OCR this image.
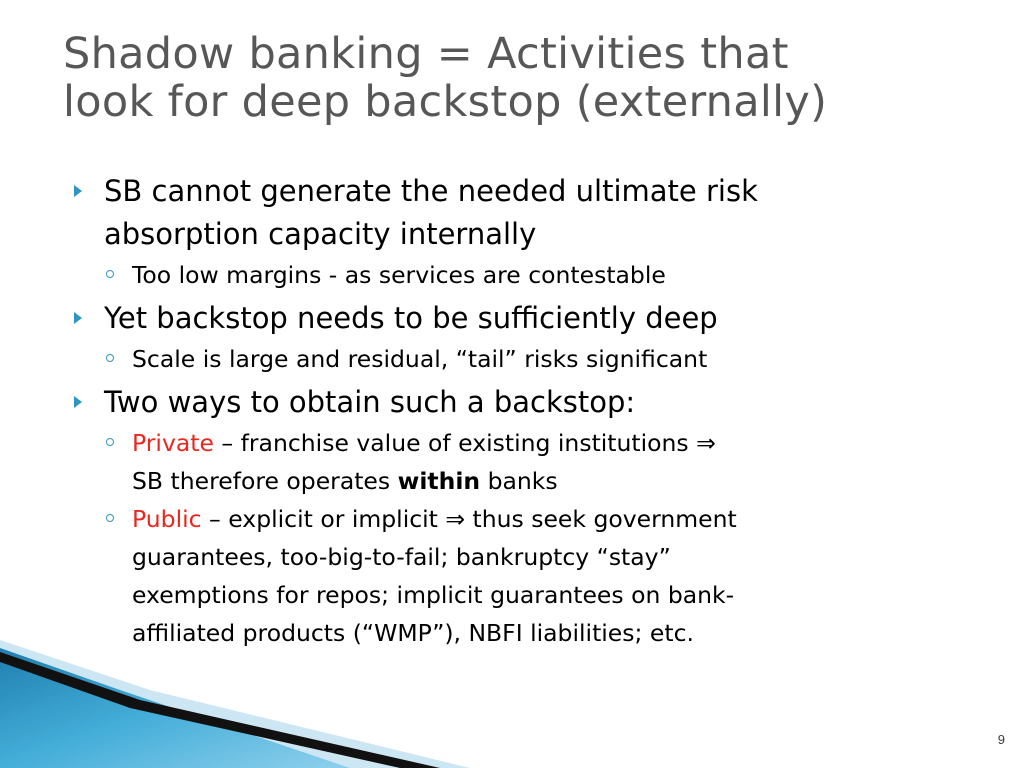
Shadow banking = Activities that
look for deep backstop (externally)
SB cannot generate the needed ultimate risk
absorption capacity internally
Too low margins - as services are contestable
Yet backstop needs to be sufficiently deep
Scale is large and residual, “tail” risks significant
Two ways to obtain such a backstop:
Private – franchise value of existing institutions ⇒
SB therefore operates within banks
Public – explicit or implicit ⇒ thus seek government
guarantees, too-big-to-fail; bankruptcy “stay”
exemptions for repos; implicit guarantees on bank-
affiliated products (“WMP”), NBFI liabilities; etc.
9
